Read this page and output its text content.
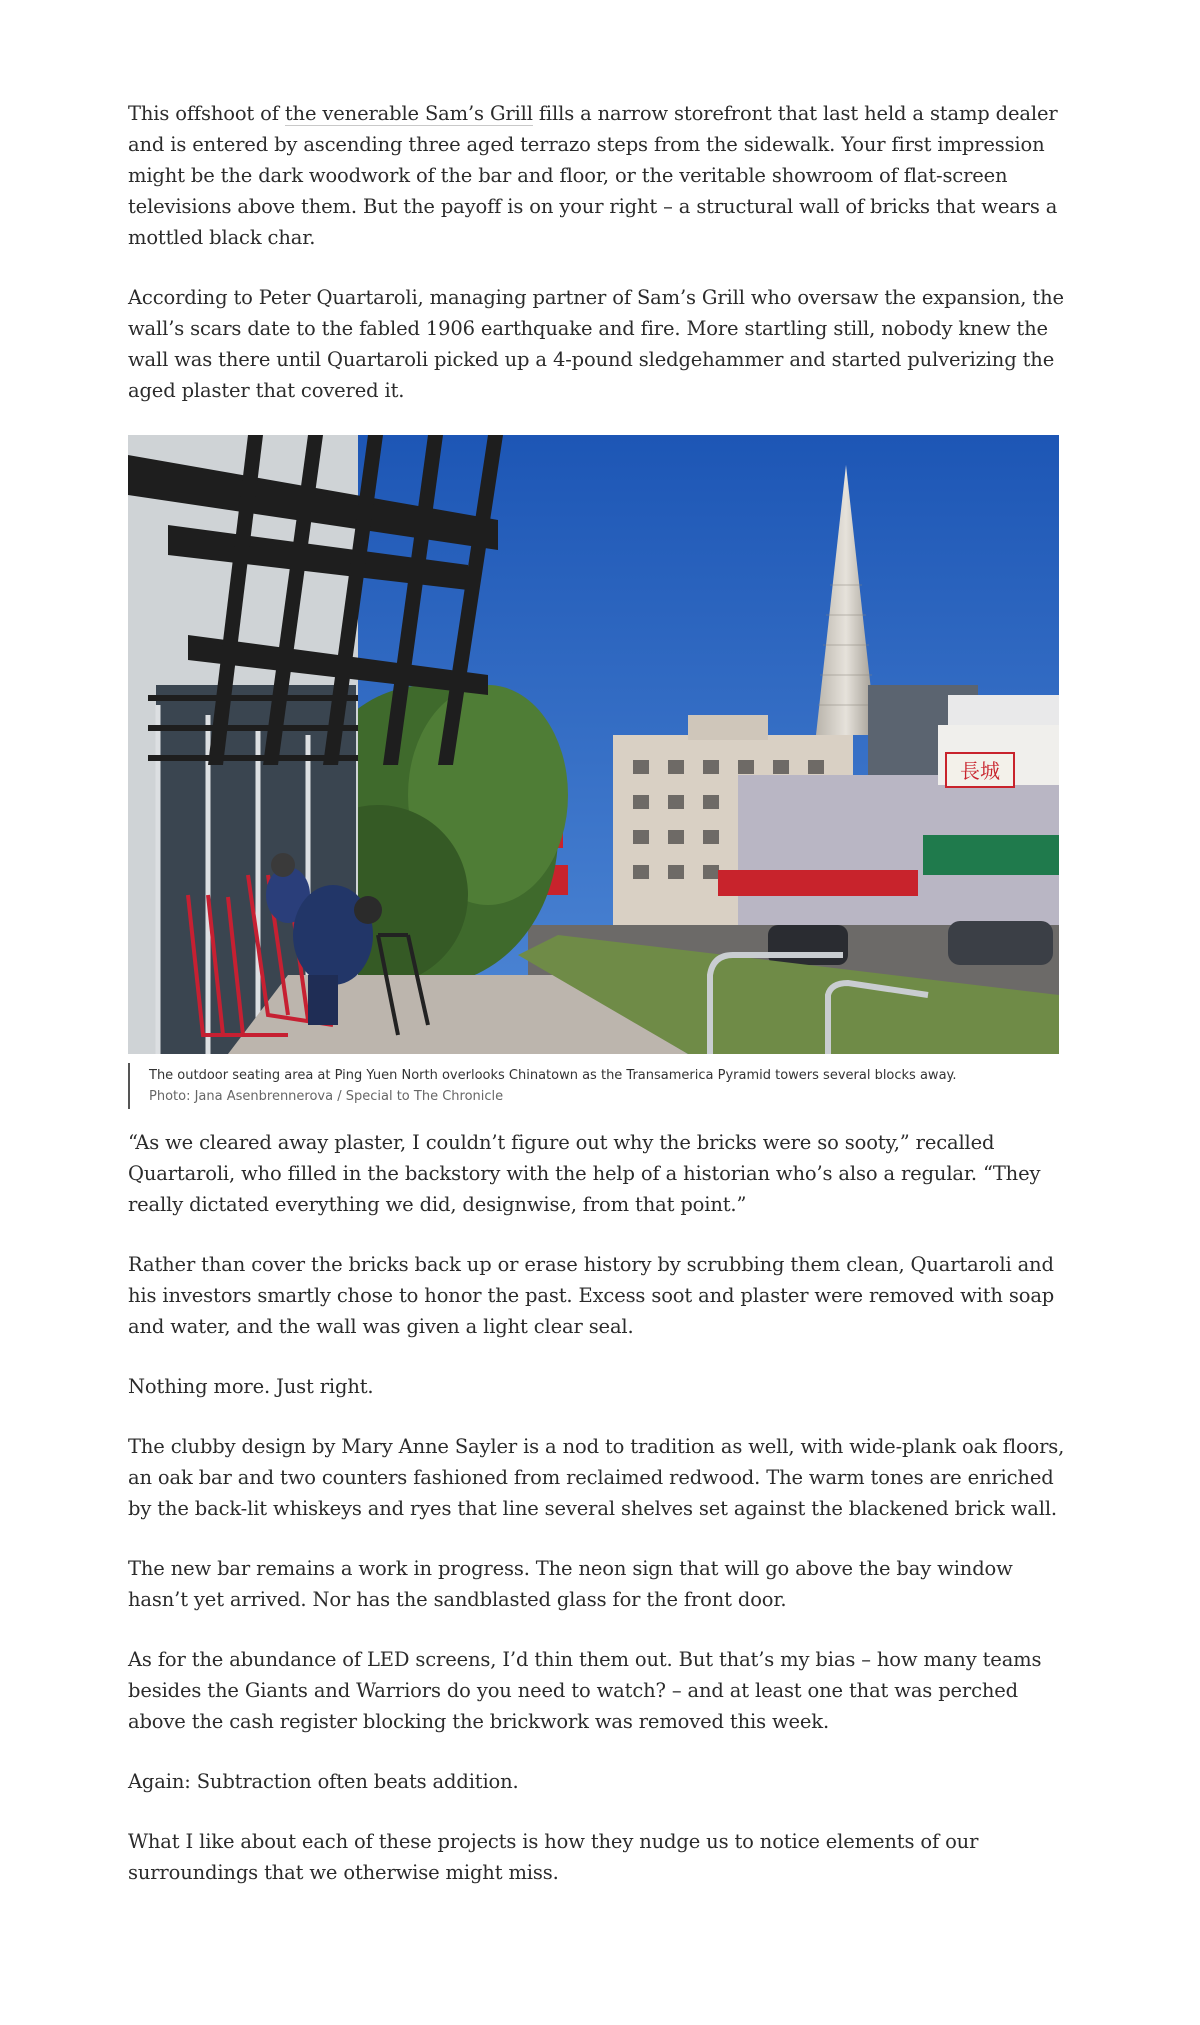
This offshoot of the venerable Sam’s Grill fills a narrow storefront that last held a stamp dealer and is entered by ascending three aged terrazo steps from the sidewalk. Your first impression might be the dark woodwork of the bar and floor, or the veritable showroom of flat-screen televisions above them. But the payoff is on your right – a structural wall of bricks that wears a mottled black char.

According to Peter Quartaroli, managing partner of Sam’s Grill who oversaw the expansion, the wall’s scars date to the fabled 1906 earthquake and fire. More startling still, nobody knew the wall was there until Quartaroli picked up a 4-pound sledgehammer and started pulverizing the aged plaster that covered it.

長城
The outdoor seating area at Ping Yuen North overlooks Chinatown as the Transamerica Pyramid towers several blocks away.
Photo: Jana Asenbrennerova / Special to The Chronicle

“As we cleared away plaster, I couldn’t figure out why the bricks were so sooty,” recalled Quartaroli, who filled in the backstory with the help of a historian who’s also a regular. “They really dictated everything we did, designwise, from that point.”

Rather than cover the bricks back up or erase history by scrubbing them clean, Quartaroli and his investors smartly chose to honor the past. Excess soot and plaster were removed with soap and water, and the wall was given a light clear seal.

Nothing more. Just right.

The clubby design by Mary Anne Sayler is a nod to tradition as well, with wide-plank oak floors, an oak bar and two counters fashioned from reclaimed redwood. The warm tones are enriched by the back-lit whiskeys and ryes that line several shelves set against the blackened brick wall.

The new bar remains a work in progress. The neon sign that will go above the bay window hasn’t yet arrived. Nor has the sandblasted glass for the front door.

As for the abundance of LED screens, I’d thin them out. But that’s my bias – how many teams besides the Giants and Warriors do you need to watch? – and at least one that was perched above the cash register blocking the brickwork was removed this week.

Again: Subtraction often beats addition.

What I like about each of these projects is how they nudge us to notice elements of our surroundings that we otherwise might miss.
